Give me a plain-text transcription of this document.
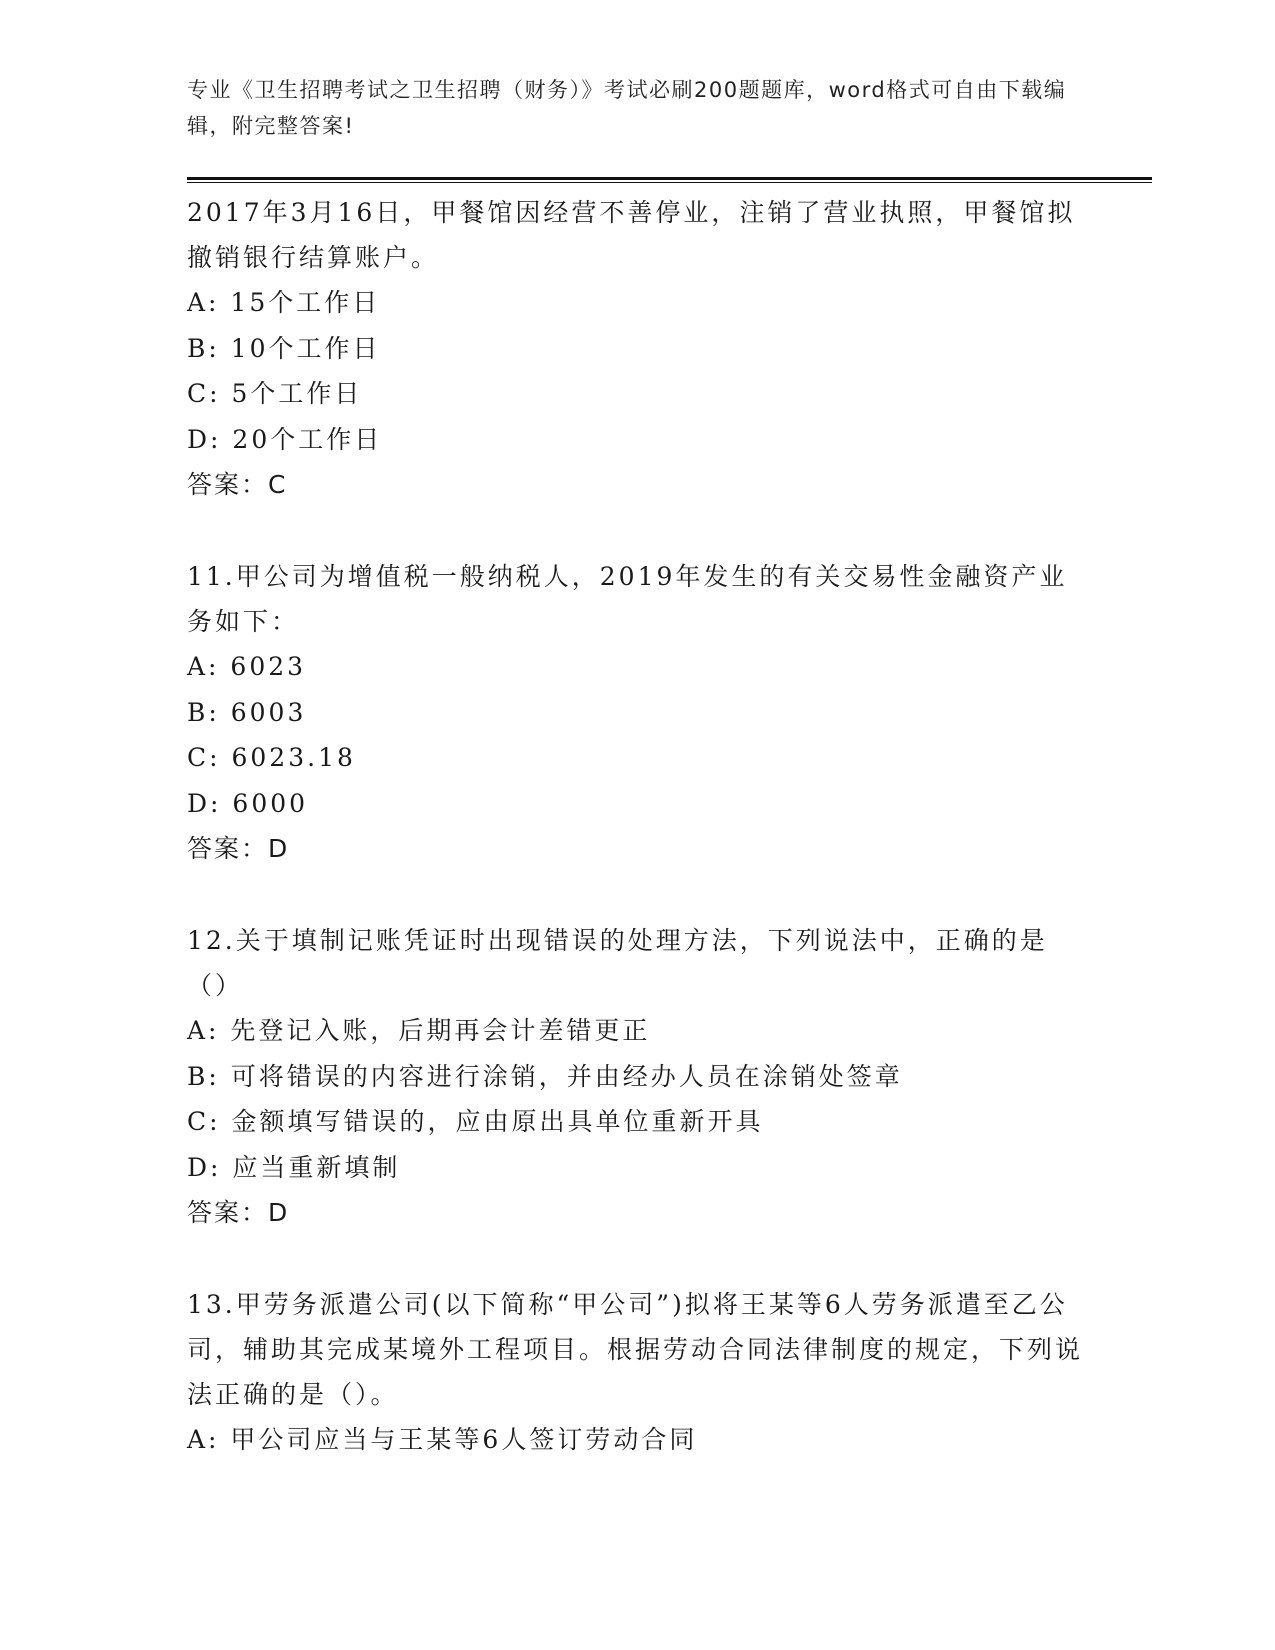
专业《卫生招聘考试之卫生招聘（财务）》考试必刷200题题库，word格式可自由下载编辑，附完整答案!

2017年3月16日，甲餐馆因经营不善停业，注销了营业执照，甲餐馆拟撤销银行结算账户。

A: 15个工作日

B: 10个工作日

C: 5个工作日

D: 20个工作日

答案：C

11.甲公司为增值税一般纳税人，2019年发生的有关交易性金融资产业务如下：

A: 6023

B: 6003

C: 6023.18

D: 6000

答案：D

12.关于填制记账凭证时出现错误的处理方法，下列说法中，正确的是（）

A: 先登记入账，后期再会计差错更正

B: 可将错误的内容进行涂销，并由经办人员在涂销处签章

C: 金额填写错误的，应由原出具单位重新开具

D: 应当重新填制

答案：D

13.甲劳务派遣公司(以下简称“甲公司”)拟将王某等6人劳务派遣至乙公司，辅助其完成某境外工程项目。根据劳动合同法律制度的规定，下列说法正确的是（）。

A: 甲公司应当与王某等6人签订劳动合同
